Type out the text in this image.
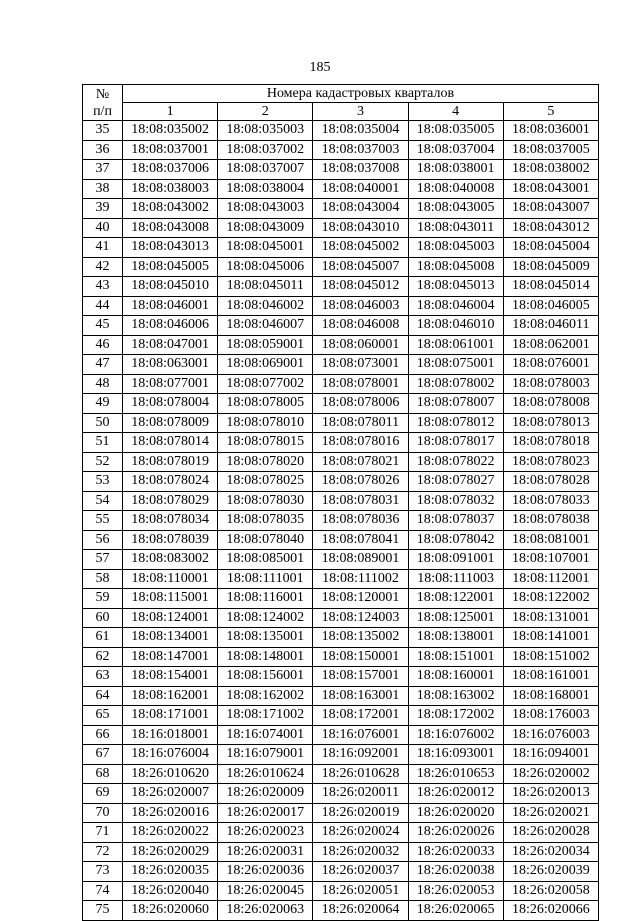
185
№
п/п	Номера кадастровых кварталов				
	1	2	3	4	5
35	18:08:035002	18:08:035003	18:08:035004	18:08:035005	18:08:036001
36	18:08:037001	18:08:037002	18:08:037003	18:08:037004	18:08:037005
37	18:08:037006	18:08:037007	18:08:037008	18:08:038001	18:08:038002
38	18:08:038003	18:08:038004	18:08:040001	18:08:040008	18:08:043001
39	18:08:043002	18:08:043003	18:08:043004	18:08:043005	18:08:043007
40	18:08:043008	18:08:043009	18:08:043010	18:08:043011	18:08:043012
41	18:08:043013	18:08:045001	18:08:045002	18:08:045003	18:08:045004
42	18:08:045005	18:08:045006	18:08:045007	18:08:045008	18:08:045009
43	18:08:045010	18:08:045011	18:08:045012	18:08:045013	18:08:045014
44	18:08:046001	18:08:046002	18:08:046003	18:08:046004	18:08:046005
45	18:08:046006	18:08:046007	18:08:046008	18:08:046010	18:08:046011
46	18:08:047001	18:08:059001	18:08:060001	18:08:061001	18:08:062001
47	18:08:063001	18:08:069001	18:08:073001	18:08:075001	18:08:076001
48	18:08:077001	18:08:077002	18:08:078001	18:08:078002	18:08:078003
49	18:08:078004	18:08:078005	18:08:078006	18:08:078007	18:08:078008
50	18:08:078009	18:08:078010	18:08:078011	18:08:078012	18:08:078013
51	18:08:078014	18:08:078015	18:08:078016	18:08:078017	18:08:078018
52	18:08:078019	18:08:078020	18:08:078021	18:08:078022	18:08:078023
53	18:08:078024	18:08:078025	18:08:078026	18:08:078027	18:08:078028
54	18:08:078029	18:08:078030	18:08:078031	18:08:078032	18:08:078033
55	18:08:078034	18:08:078035	18:08:078036	18:08:078037	18:08:078038
56	18:08:078039	18:08:078040	18:08:078041	18:08:078042	18:08:081001
57	18:08:083002	18:08:085001	18:08:089001	18:08:091001	18:08:107001
58	18:08:110001	18:08:111001	18:08:111002	18:08:111003	18:08:112001
59	18:08:115001	18:08:116001	18:08:120001	18:08:122001	18:08:122002
60	18:08:124001	18:08:124002	18:08:124003	18:08:125001	18:08:131001
61	18:08:134001	18:08:135001	18:08:135002	18:08:138001	18:08:141001
62	18:08:147001	18:08:148001	18:08:150001	18:08:151001	18:08:151002
63	18:08:154001	18:08:156001	18:08:157001	18:08:160001	18:08:161001
64	18:08:162001	18:08:162002	18:08:163001	18:08:163002	18:08:168001
65	18:08:171001	18:08:171002	18:08:172001	18:08:172002	18:08:176003
66	18:16:018001	18:16:074001	18:16:076001	18:16:076002	18:16:076003
67	18:16:076004	18:16:079001	18:16:092001	18:16:093001	18:16:094001
68	18:26:010620	18:26:010624	18:26:010628	18:26:010653	18:26:020002
69	18:26:020007	18:26:020009	18:26:020011	18:26:020012	18:26:020013
70	18:26:020016	18:26:020017	18:26:020019	18:26:020020	18:26:020021
71	18:26:020022	18:26:020023	18:26:020024	18:26:020026	18:26:020028
72	18:26:020029	18:26:020031	18:26:020032	18:26:020033	18:26:020034
73	18:26:020035	18:26:020036	18:26:020037	18:26:020038	18:26:020039
74	18:26:020040	18:26:020045	18:26:020051	18:26:020053	18:26:020058
75	18:26:020060	18:26:020063	18:26:020064	18:26:020065	18:26:020066
